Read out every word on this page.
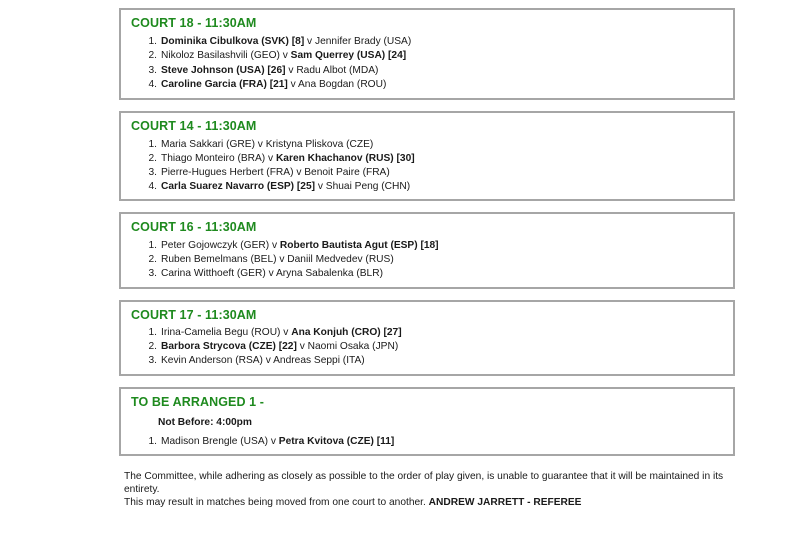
COURT 18 - 11:30AM
1. Dominika Cibulkova (SVK) [8] v Jennifer Brady (USA)
2. Nikoloz Basilashvili (GEO) v Sam Querrey (USA) [24]
3. Steve Johnson (USA) [26] v Radu Albot (MDA)
4. Caroline Garcia (FRA) [21] v Ana Bogdan (ROU)
COURT 14 - 11:30AM
1. Maria Sakkari (GRE) v Kristyna Pliskova (CZE)
2. Thiago Monteiro (BRA) v Karen Khachanov (RUS) [30]
3. Pierre-Hugues Herbert (FRA) v Benoit Paire (FRA)
4. Carla Suarez Navarro (ESP) [25] v Shuai Peng (CHN)
COURT 16 - 11:30AM
1. Peter Gojowczyk (GER) v Roberto Bautista Agut (ESP) [18]
2. Ruben Bemelmans (BEL) v Daniil Medvedev (RUS)
3. Carina Witthoeft (GER) v Aryna Sabalenka (BLR)
COURT 17 - 11:30AM
1. Irina-Camelia Begu (ROU) v Ana Konjuh (CRO) [27]
2. Barbora Strycova (CZE) [22] v Naomi Osaka (JPN)
3. Kevin Anderson (RSA) v Andreas Seppi (ITA)
TO BE ARRANGED 1 -
Not Before: 4:00pm
1. Madison Brengle (USA) v Petra Kvitova (CZE) [11]
The Committee, while adhering as closely as possible to the order of play given, is unable to guarantee that it will be maintained in its entirety.
This may result in matches being moved from one court to another. ANDREW JARRETT - REFEREE
